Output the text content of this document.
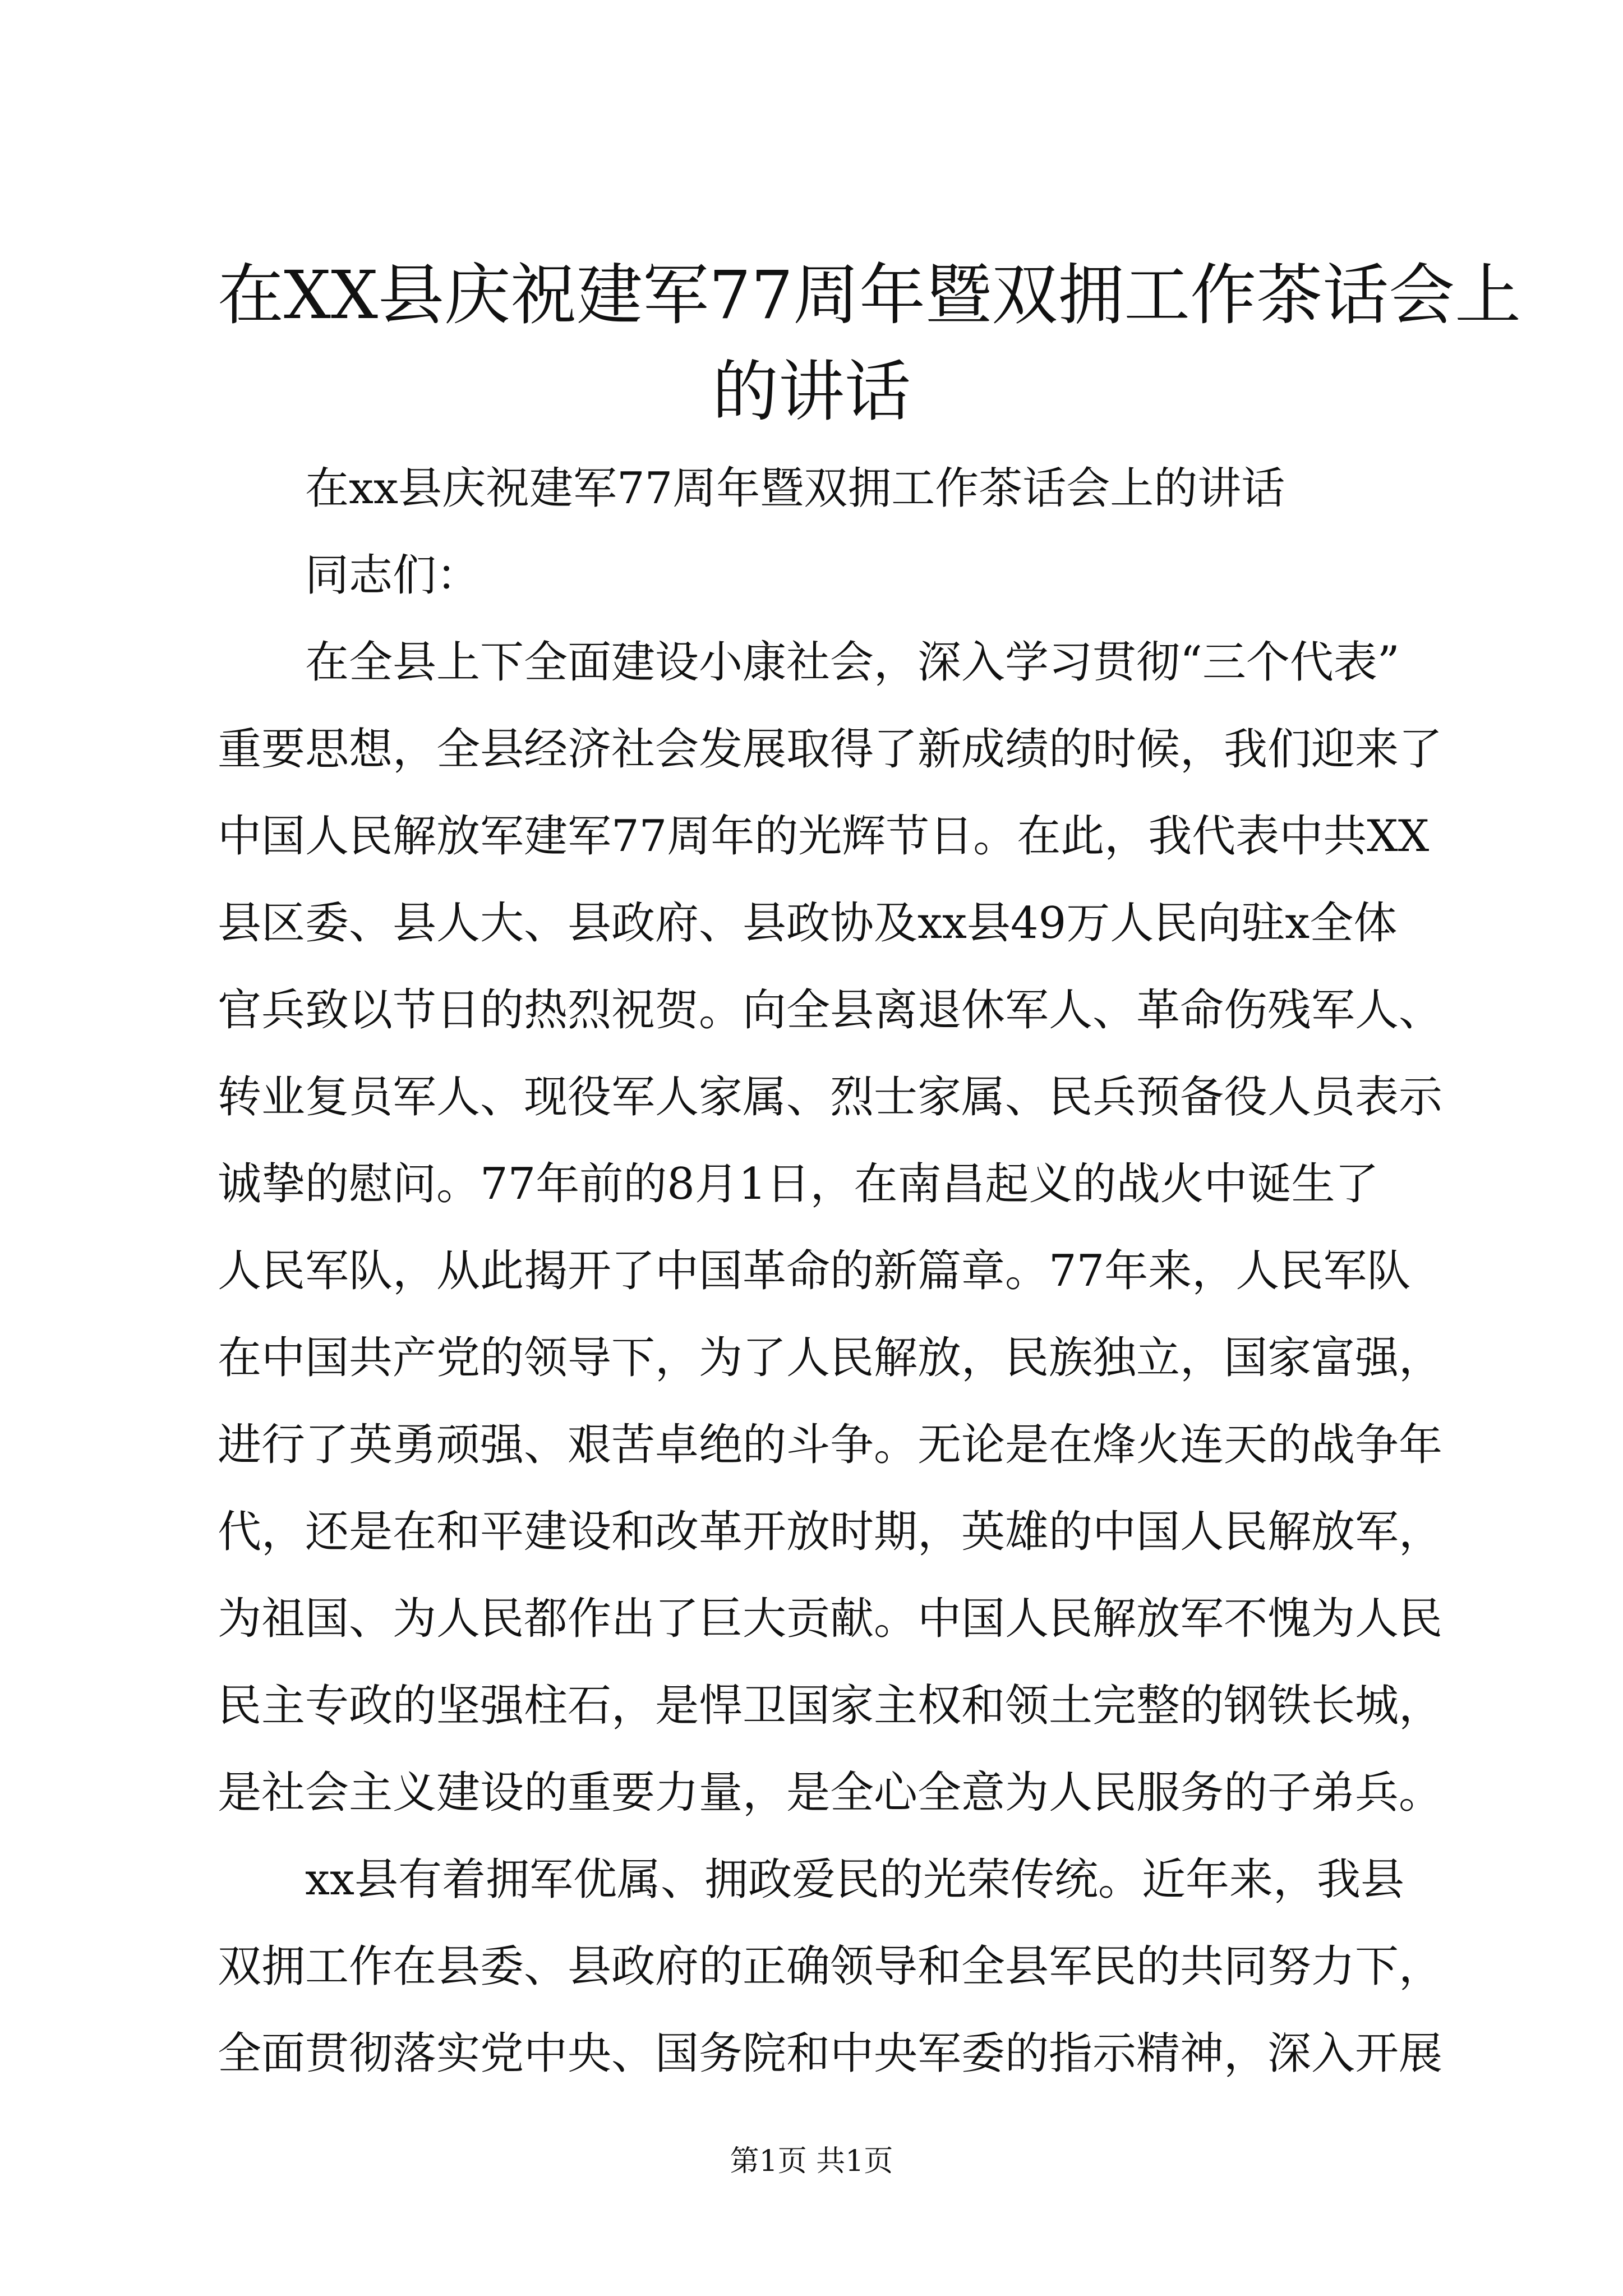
在XX县庆祝建军77周年暨双拥工作茶话会上
的讲话

在xx县庆祝建军77周年暨双拥工作茶话会上的讲话

同志们：

在全县上下全面建设小康社会，深入学习贯彻“三个代表”
重要思想，全县经济社会发展取得了新成绩的时候，我们迎来了
中国人民解放军建军77周年的光辉节日。在此，我代表中共XX
县区委、县人大、县政府、县政协及xx县49万人民向驻x全体
官兵致以节日的热烈祝贺。向全县离退休军人、革命伤残军人、
转业复员军人、现役军人家属、烈士家属、民兵预备役人员表示
诚挚的慰问。77年前的8月1日，在南昌起义的战火中诞生了
人民军队，从此揭开了中国革命的新篇章。77年来，人民军队
在中国共产党的领导下，为了人民解放，民族独立，国家富强，
进行了英勇顽强、艰苦卓绝的斗争。无论是在烽火连天的战争年
代，还是在和平建设和改革开放时期，英雄的中国人民解放军，
为祖国、为人民都作出了巨大贡献。中国人民解放军不愧为人民
民主专政的坚强柱石，是悍卫国家主权和领土完整的钢铁长城，
是社会主义建设的重要力量，是全心全意为人民服务的子弟兵。

xx县有着拥军优属、拥政爱民的光荣传统。近年来，我县
双拥工作在县委、县政府的正确领导和全县军民的共同努力下，
全面贯彻落实党中央、国务院和中央军委的指示精神，深入开展

第1页 共1页
